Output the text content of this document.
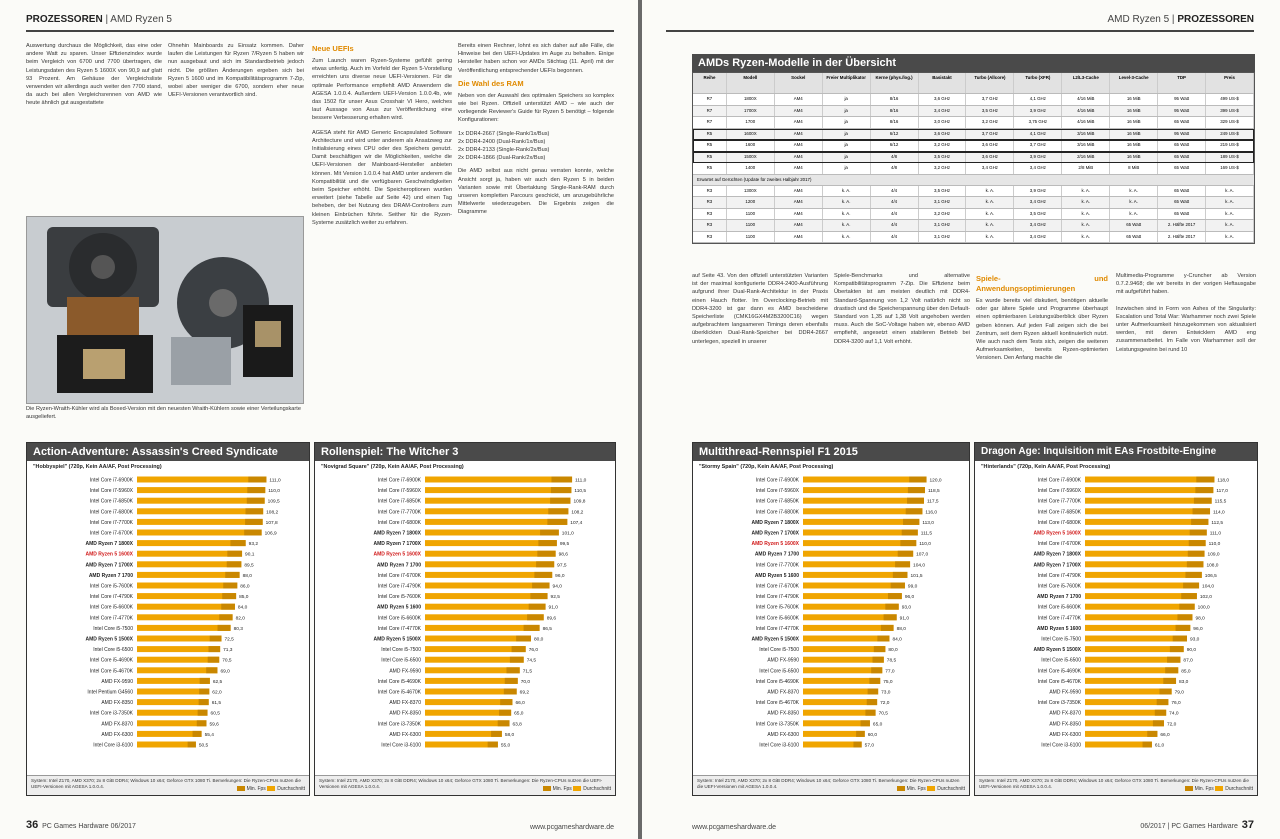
PROZESSOREN | AMD Ryzen 5
Auswertung durchaus die Möglichkeit, das eine oder andere Watt zu sparen. Unser Effizienzindex wurde beim Vergleich von 6700 und 7700 übertragen, die Leistungsdaten des Ryzen 5 1600X von 90,9 auf glatt 93 Prozent. Am Gehäuse der Vergleichsliste verwenden wir allerdings auch weiter den 7700 stand, da auch bei allen Vergleichsrennen von AMD wie heute ähnlich gut ausgestattete
Ohnehin Mainboards zu Einsatz kommen. Daher laufen die Leistungen für Ryzen 7/Ryzen 5 haben wir nun ausgebaut und sich im Standardbetrieb jedoch nicht. Die größten Änderungen ergeben sich bei Ryzen 5 1600 und im Kompatibilitätsprogramm 7-Zip, wobei aber weniger die 6700, sondern eher neue UEFI-Versionen verantwortlich sind.
Neue UEFIs
Zum Launch waren Ryzen-Systeme gefühlt gering etwas unfertig. Auch im Vorfeld der Ryzen 5-Vorstellung erreichten uns diverse neue UEFI-Versionen. Für die optimale Performance empfiehlt AMD Anwendern die AGESA 1.0.0.4. Außerdem UEFI-Version 1.0.0.4b, wie das 1502 für unser Asus Crosshair VI Hero, welches laut Aussage von Asus zur Veröffentlichung eine bessere Verbesserung erhalten wird.
AGESA steht für AMD Generic Encapsulated Software Architecture und wird unter anderem als Ansatzweg zur Initialisierung eines CPU oder des Speichers genutzt. Damit beschäftigen wir die Möglichkeiten, welche die UEFI-Versionen der Mainboard-Hersteller anbieten können. Mit Version 1.0.0.4 hat AMD unter anderem die Kompatibilität und die verfügbaren Geschwindigkeiten beim Speicher erhöht. Die Speicheroptionen wurden erweitert (siehe Tabelle auf Seite 42) und einen Tag beheben, der bei Nutzung des DRAM-Controllers zum kleinen Einbrüchen führte. Seither für die Ryzen-Systeme zusätzlich weiter zu erfahren.
Bereits einen Rechner, lohnt es sich daher auf alle Fälle, die Hinweise bei den UEFI-Updates im Auge zu behalten. Einige Hersteller haben schon vor AMDs Stichtag (11. April) mit der Veröffentlichung entsprechender UEFIs begonnen.
Die Wahl des RAM
Neben von der Auswahl des optimalen Speichers so komplex wie bei Ryzen. Offiziell unterstützt AMD – wie auch der vorliegende Reviewer's Guide für Ryzen 5 benötigt – folgende Konfigurationen:
1x DDR4-2667 (Single-Rank/1x/Bus)
2x DDR4-2400 (Dual-Rank/1x/Bus)
2x DDR4-2133 (Single-Rank/2x/Bus)
2x DDR4-1866 (Dual-Rank/2x/Bus)
Die AMD selbst aus nicht genau verraten konnte, welche Ansicht sorgt ja, haben wir auch den Ryzen 5 in beiden Varianten sowie mit Übertaktung Single-Rank-RAM durch unseren kompletten Parcours geschickt, um anzugebührliche Mittelwerte wiederzugeben. Die Ergebnis zeigen die Diagramme
Die Ryzen-Wraith-Kühler wird als Boxed-Version mit den neuesten Wraith-Kühlern sowie einer Verteilungskarte ausgeliefert.
Action-Adventure: Assassin's Creed Syndicate
"Hobbyspiel" (720p, Kein AA/AF, Post Processing)
Intel Core i7-6900K	111,0
Intel Core i7-5960X	110,0
Intel Core i7-6850K	109,5
Intel Core i7-6800K	108,2
Intel Core i7-7700K	107,8
Intel Core i7-6700K	106,9
AMD Ryzen 7 1800X	93,2
AMD Ryzen 5 1600X	90,1
AMD Ryzen 7 1700X	89,5
AMD Ryzen 7 1700	88,0
Intel Core i5-7600K	86,0
Intel Core i7-4790K	85,0
Intel Core i5-6600K	84,0
Intel Core i7-4770K	82,0
Intel Core i5-7500	80,3
AMD Ryzen 5 1500X	72,5
Intel Core i5-6500	71,3
Intel Core i5-4690K	70,5
Intel Core i5-4670K	69,0
AMD FX-9590	62,5
Intel Pentium G4560	62,0
AMD FX-8350	61,5
Intel Core i3-7350K	60,5
AMD FX-8370	59,6
AMD FX-6300	55,4
Intel Core i3-6100	50,5
System: Intel Z170, AMD X370; 2x 8 GiB DDR4; Windows 10 x64; Geforce GTX 1080 Ti. Bemerkungen: Die Ryzen-CPUs nutzen die UEFI-Versionen mit AGESA 1.0.0.4.	Min. Fps Durchschnitt
Rollenspiel: The Witcher 3
"Novigrad Square" (720p, Kein AA/AF, Post Processing)
Intel Core i7-6900K	111,0
Intel Core i7-5960X	110,5
Intel Core i7-6850K	109,8
Intel Core i7-7700K	108,2
Intel Core i7-6800K	107,4
AMD Ryzen 7 1800X	101,0
AMD Ryzen 7 1700X	99,5
AMD Ryzen 5 1600X	98,6
AMD Ryzen 7 1700	97,5
Intel Core i7-6700K	96,0
Intel Core i7-4790K	94,0
Intel Core i5-7600K	92,5
AMD Ryzen 5 1600	91,0
Intel Core i5-6600K	89,6
Intel Core i7-4770K	86,5
AMD Ryzen 5 1500X	80,0
Intel Core i5-7500	76,0
Intel Core i5-6500	74,5
AMD FX-9590	71,5
Intel Core i5-4690K	70,0
Intel Core i5-4670K	69,2
AMD FX-8370	66,0
AMD FX-8350	65,0
Intel Core i3-7350K	63,8
AMD FX-6300	58,0
Intel Core i3-6100	55,0
System: Intel Z170, AMD X370; 2x 8 GiB DDR4; Windows 10 x64; Geforce GTX 1080 Ti. Bemerkungen: Die Ryzen-CPUs nutzen die UEFI-Versionen mit AGESA 1.0.0.4.	Min. Fps Durchschnitt
36 PC Games Hardware 06/2017	www.pcgameshardware.de
AMD Ryzen 5 | PROZESSOREN
AMDs Ryzen-Modelle in der Übersicht
Reihe	Modell	Sockel	Freier Multiplikator	Kerne (phys./log.)	Basistakt	Turbo (Allcore)	Turbo (XFR)	L2/L3-Cache	Level-3-Cache	TDP	Preis
R7	1800X	AM4	ja	8/16	3,6 GHz	3,7 GHz	4,1 GHz	4/16 MiB	16 MiB	95 Watt	499 US-$
R7	1700X	AM4	ja	8/16	3,4 GHz	3,5 GHz	3,9 GHz	4/16 MiB	16 MiB	95 Watt	399 US-$
R7	1700	AM4	ja	8/16	3,0 GHz	3,2 GHz	3,75 GHz	4/16 MiB	16 MiB	65 Watt	329 US-$
R5	1600X	AM4	ja	6/12	3,6 GHz	3,7 GHz	4,1 GHz	3/16 MiB	16 MiB	95 Watt	249 US-$
R5	1600	AM4	ja	6/12	3,2 GHz	3,6 GHz	3,7 GHz	3/16 MiB	16 MiB	65 Watt	219 US-$
R5	1500X	AM4	ja	4/8	3,5 GHz	3,6 GHz	3,9 GHz	2/16 MiB	16 MiB	65 Watt	189 US-$
R5	1400	AM4	ja	4/8	3,2 GHz	3,4 GHz	3,4 GHz	2/8 MiB	8 MiB	65 Watt	169 US-$
Erwartet auf Gerüchten (Update für zweites Halbjahr 2017)
R3	1300X	AM4	k. A.	4/4	3,5 GHz	k. A.	3,9 GHz	k. A.	k. A.	65 Watt	k. A.
R3	1200	AM4	k. A.	4/4	3,1 GHz	k. A.	3,4 GHz	k. A.	k. A.	65 Watt	k. A.
R3	1100	AM4	k. A.	4/4	3,2 GHz	k. A.	3,5 GHz	k. A.	k. A.	65 Watt	k. A.
R3	1100	AM4	k. A.	4/4	3,1 GHz	k. A.	3,4 GHz	k. A.	65 Watt	2. Hälfte 2017	k. A.
R3	1100	AM4	k. A.	4/4	3,1 GHz	k. A.	3,4 GHz	k. A.	65 Watt	2. Hälfte 2017	k. A.
auf Seite 43. Von den offiziell unterstützten Varianten ist der maximal konfigurierte DDR4-2400-Ausführung aufgrund ihrer Dual-Rank-Architektur in der Praxis einen Hauch flotter. Im Overclocking-Betrieb mit DDR4-3200 ist gar dann es AMD bescheidene Speicherliste (CMK16GX4M2B3200C16) wegen aufgebrachtem langsameren Timings deren ebenfalls überklickten Dual-Rank-Speicher bei DDR4-2667 unterlegen, speziell in unserer
Spiele-Benchmarks und alternative Kompatibilitätsprogramm 7-Zip. Die Effizienz beim Übertakten ist am meisten deutlich mit DDR4-Standard-Spannung von 1,2 Volt natürlich nicht so drastisch und die Speicherspannung über den Default-Standard von 1,35 auf 1,38 Volt angehoben werden muss. Auch die SoC-Voltage haben wir, ebenso AMD empfiehlt, angesetzt einen stabileren Betrieb bei DDR4-3200 auf 1,1 Volt erhöht.
Spiele- und Anwendungsoptimierungen
Es wurde bereits viel diskutiert, benötigen aktuelle oder gar ältere Spiele und Programme überhaupt einen optimierbaren Leistungsüberblick über Ryzen geben können. Auf jeden Fall zeigen sich die bei Zentrum, seit dem Ryzen aktuell kontinuierlich nutzt. Wie auch nach dem Tests sich, zeigen die weiteren Aufmerksamkeiten, bereits Ryzen-optimierten Versionen. Den Anfang machte die
Multimedia-Programme y-Cruncher ab Version 0.7.2.9468; die wir bereits in der vorigen Heftausgabe mit aufgeführt haben.
Inzwischen sind in Form von Ashes of the Singularity: Escalation und Total War: Warhammer noch zwei Spiele unter Aufmerksamkeit hinzugekommen von aktualisiert werden, mit deren Entwicklern AMD eng zusammenarbeitet. Im Falle von Warhammer soll der Leistungsgewinn bei rund 10
Multithread-Rennspiel F1 2015
"Stormy Spain" (720p, Kein AA/AF, Post Processing)
Intel Core i7-6900K	120,0
Intel Core i7-5960X	118,5
Intel Core i7-6850K	117,5
Intel Core i7-6800K	116,0
AMD Ryzen 7 1800X	113,0
AMD Ryzen 7 1700X	111,5
AMD Ryzen 5 1600X	110,0
AMD Ryzen 7 1700	107,0
Intel Core i7-7700K	104,0
AMD Ryzen 5 1600	101,5
Intel Core i7-6700K	99,0
Intel Core i7-4790K	96,0
Intel Core i5-7600K	93,0
Intel Core i5-6600K	91,0
Intel Core i7-4770K	88,0
AMD Ryzen 5 1500X	84,0
Intel Core i5-7500	80,0
AMD FX-9590	78,5
Intel Core i5-6500	77,0
Intel Core i5-4690K	75,0
AMD FX-8370	73,0
Intel Core i5-4670K	72,0
AMD FX-8350	70,5
Intel Core i3-7350K	65,0
AMD FX-6300	60,0
Intel Core i3-6100	57,0
System: Intel Z170, AMD X370; 2x 8 GiB DDR4; Windows 10 x64; Geforce GTX 1080 Ti. Bemerkungen: Die Ryzen-CPUs nutzen die UEFI-Versionen mit AGESA 1.0.0.4.	Min. Fps Durchschnitt
Dragon Age: Inquisition mit EAs Frostbite-Engine
"Hinterlands" (720p, Kein AA/AF, Post Processing)
Intel Core i7-6900K	118,0
Intel Core i7-5960X	117,0
Intel Core i7-7700K	115,5
Intel Core i7-6850K	114,0
Intel Core i7-6800K	112,5
AMD Ryzen 5 1600X	111,0
Intel Core i7-6700K	110,0
AMD Ryzen 7 1800X	109,0
AMD Ryzen 7 1700X	108,0
Intel Core i7-4790K	106,5
Intel Core i5-7600K	104,0
AMD Ryzen 7 1700	102,0
Intel Core i5-6600K	100,0
Intel Core i7-4770K	98,0
AMD Ryzen 5 1600	96,0
Intel Core i5-7500	93,0
AMD Ryzen 5 1500X	90,0
Intel Core i5-6500	87,0
Intel Core i5-4690K	85,0
Intel Core i5-4670K	83,0
AMD FX-9590	79,0
Intel Core i3-7350K	76,0
AMD FX-8370	74,0
AMD FX-8350	72,0
AMD FX-6300	66,0
Intel Core i3-6100	61,0
System: Intel Z170, AMD X370; 2x 8 GiB DDR4; Windows 10 x64; Geforce GTX 1080 Ti. Bemerkungen: Die Ryzen-CPUs nutzen die UEFI-Versionen mit AGESA 1.0.0.4.	Min. Fps Durchschnitt
www.pcgameshardware.de	06/2017 | PC Games Hardware 37
